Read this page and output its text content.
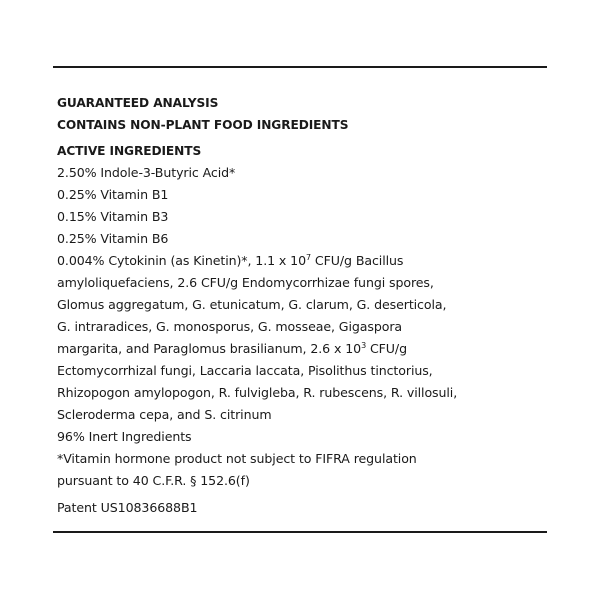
GUARANTEED ANALYSIS
CONTAINS NON-PLANT FOOD INGREDIENTS
ACTIVE INGREDIENTS
2.50% Indole-3-Butyric Acid*
0.25% Vitamin B1
0.15% Vitamin B3
0.25% Vitamin B6
0.004% Cytokinin (as Kinetin)*, 1.1 x $10^7$ CFU/g Bacillus
amyloliquefaciens, 2.6 CFU/g Endomycorrhizae fungi spores,
Glomus aggregatum, G. etunicatum, G. clarum, G. deserticola,
G. intraradices, G. monosporus, G. mosseae, Gigaspora
margarita, and Paraglomus brasilianum, 2.6 x $10^3$ CFU/g
Ectomycorrhizal fungi, Laccaria laccata, Pisolithus tinctorius,
Rhizopogon amylopogon, R. fulvigleba, R. rubescens, R. villosuli,
Scleroderma cepa, and S. citrinum
96% Inert Ingredients
*Vitamin hormone product not subject to FIFRA regulation
pursuant to 40 C.F.R. § 152.6(f)
Patent US10836688B1
